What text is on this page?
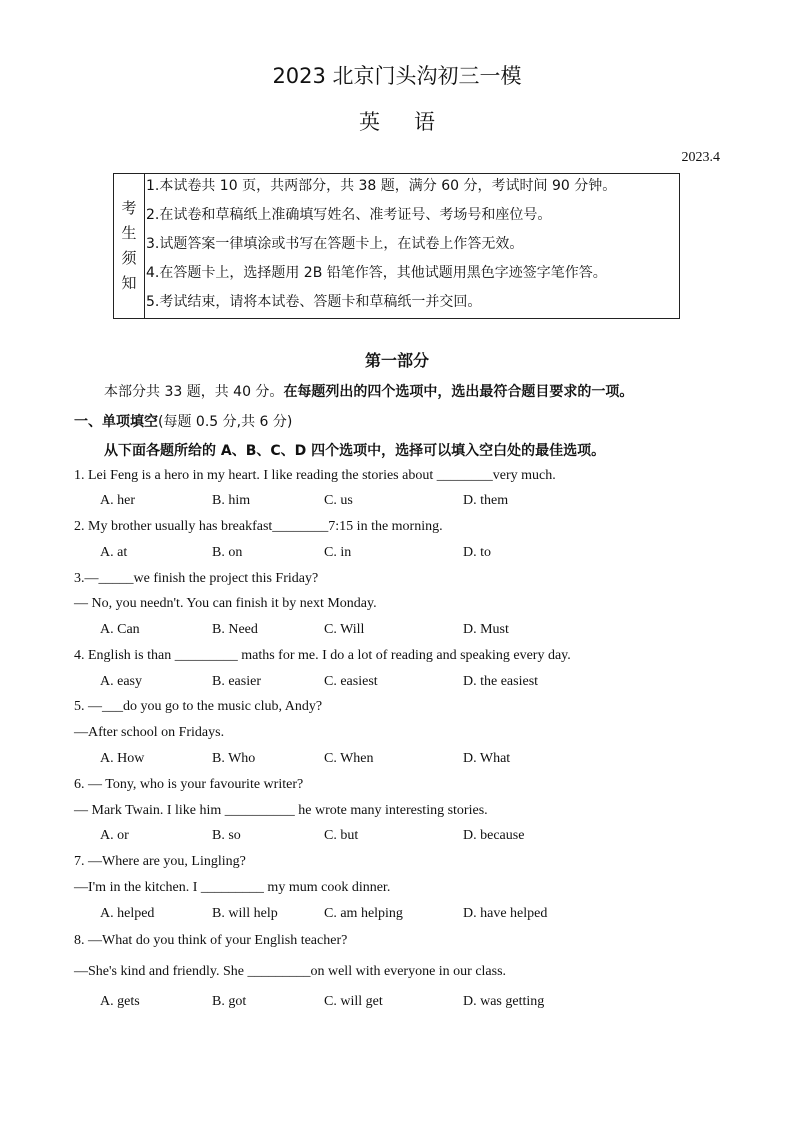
2023 北京门头沟初三一模
英语
2023.4
考
生
须
知
1.本试卷共 10 页，共两部分，共 38 题，满分 60 分，考试时间 90 分钟。
2.在试卷和草稿纸上准确填写姓名、准考证号、考场号和座位号。
3.试题答案一律填涂或书写在答题卡上，在试卷上作答无效。
4.在答题卡上，选择题用 2B 铅笔作答，其他试题用黑色字迹签字笔作答。
5.考试结束，请将本试卷、答题卡和草稿纸一并交回。
第一部分
本部分共 33 题，共 40 分。在每题列出的四个选项中，选出最符合题目要求的一项。
一、单项填空(每题 0.5 分,共 6 分)
从下面各题所给的 A、B、C、D 四个选项中，选择可以填入空白处的最佳选项。
1. Lei Feng is a hero in my heart. I like reading the stories about ________very much.
A. her	B. him	C. us	D. them
2. My brother usually has breakfast________7:15 in the morning.
A. at	B. on	C. in	D. to
3.—_____we finish the project this Friday?
— No, you needn't. You can finish it by next Monday.
A. Can	B. Need	C. Will	D. Must
4. English is than _________ maths for me. I do a lot of reading and speaking every day.
A. easy	B. easier	C. easiest	D. the easiest
5. —___do you go to the music club, Andy?
—After school on Fridays.
A. How	B. Who	C. When	D. What
6. — Tony, who is your favourite writer?
— Mark Twain. I like him __________ he wrote many interesting stories.
A. or	B. so	C. but	D. because
7. —Where are you, Lingling?
—I'm in the kitchen. I _________ my mum cook dinner.
A. helped	B. will help	C. am helping	D. have helped
8. —What do you think of your English teacher?
—She's kind and friendly. She _________on well with everyone in our class.
A. gets	B. got	C. will get	D. was getting
